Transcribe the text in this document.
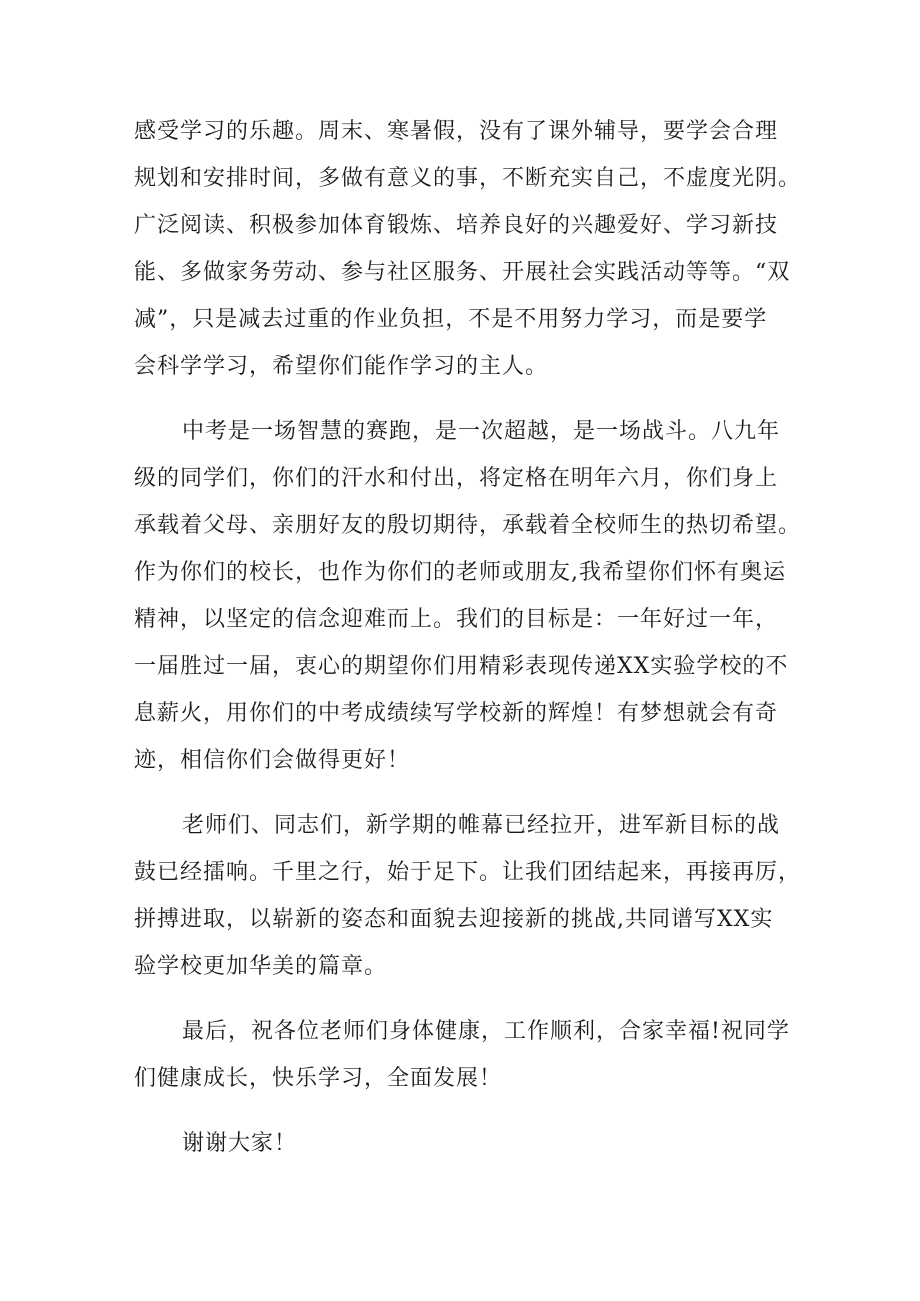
感受学习的乐趣。周末、寒暑假，没有了课外辅导，要学会合理
规划和安排时间，多做有意义的事，不断充实自己，不虚度光阴。
广泛阅读、积极参加体育锻炼、培养良好的兴趣爱好、学习新技
能、多做家务劳动、参与社区服务、开展社会实践活动等等。“双
减”，只是减去过重的作业负担，不是不用努力学习，而是要学
会科学学习，希望你们能作学习的主人。
中考是一场智慧的赛跑，是一次超越，是一场战斗。八九年
级的同学们，你们的汗水和付出，将定格在明年六月，你们身上
承载着父母、亲朋好友的殷切期待，承载着全校师生的热切希望。
作为你们的校长，也作为你们的老师或朋友,我希望你们怀有奥运
精神，以坚定的信念迎难而上。我们的目标是：一年好过一年，
一届胜过一届，衷心的期望你们用精彩表现传递XX实验学校的不
息薪火，用你们的中考成绩续写学校新的辉煌！有梦想就会有奇
迹，相信你们会做得更好！
老师们、同志们，新学期的帷幕已经拉开，进军新目标的战
鼓已经擂响。千里之行，始于足下。让我们团结起来，再接再厉，
拼搏进取，以崭新的姿态和面貌去迎接新的挑战,共同谱写XX实
验学校更加华美的篇章。
最后，祝各位老师们身体健康，工作顺利，合家幸福!祝同学
们健康成长，快乐学习，全面发展！
谢谢大家！
